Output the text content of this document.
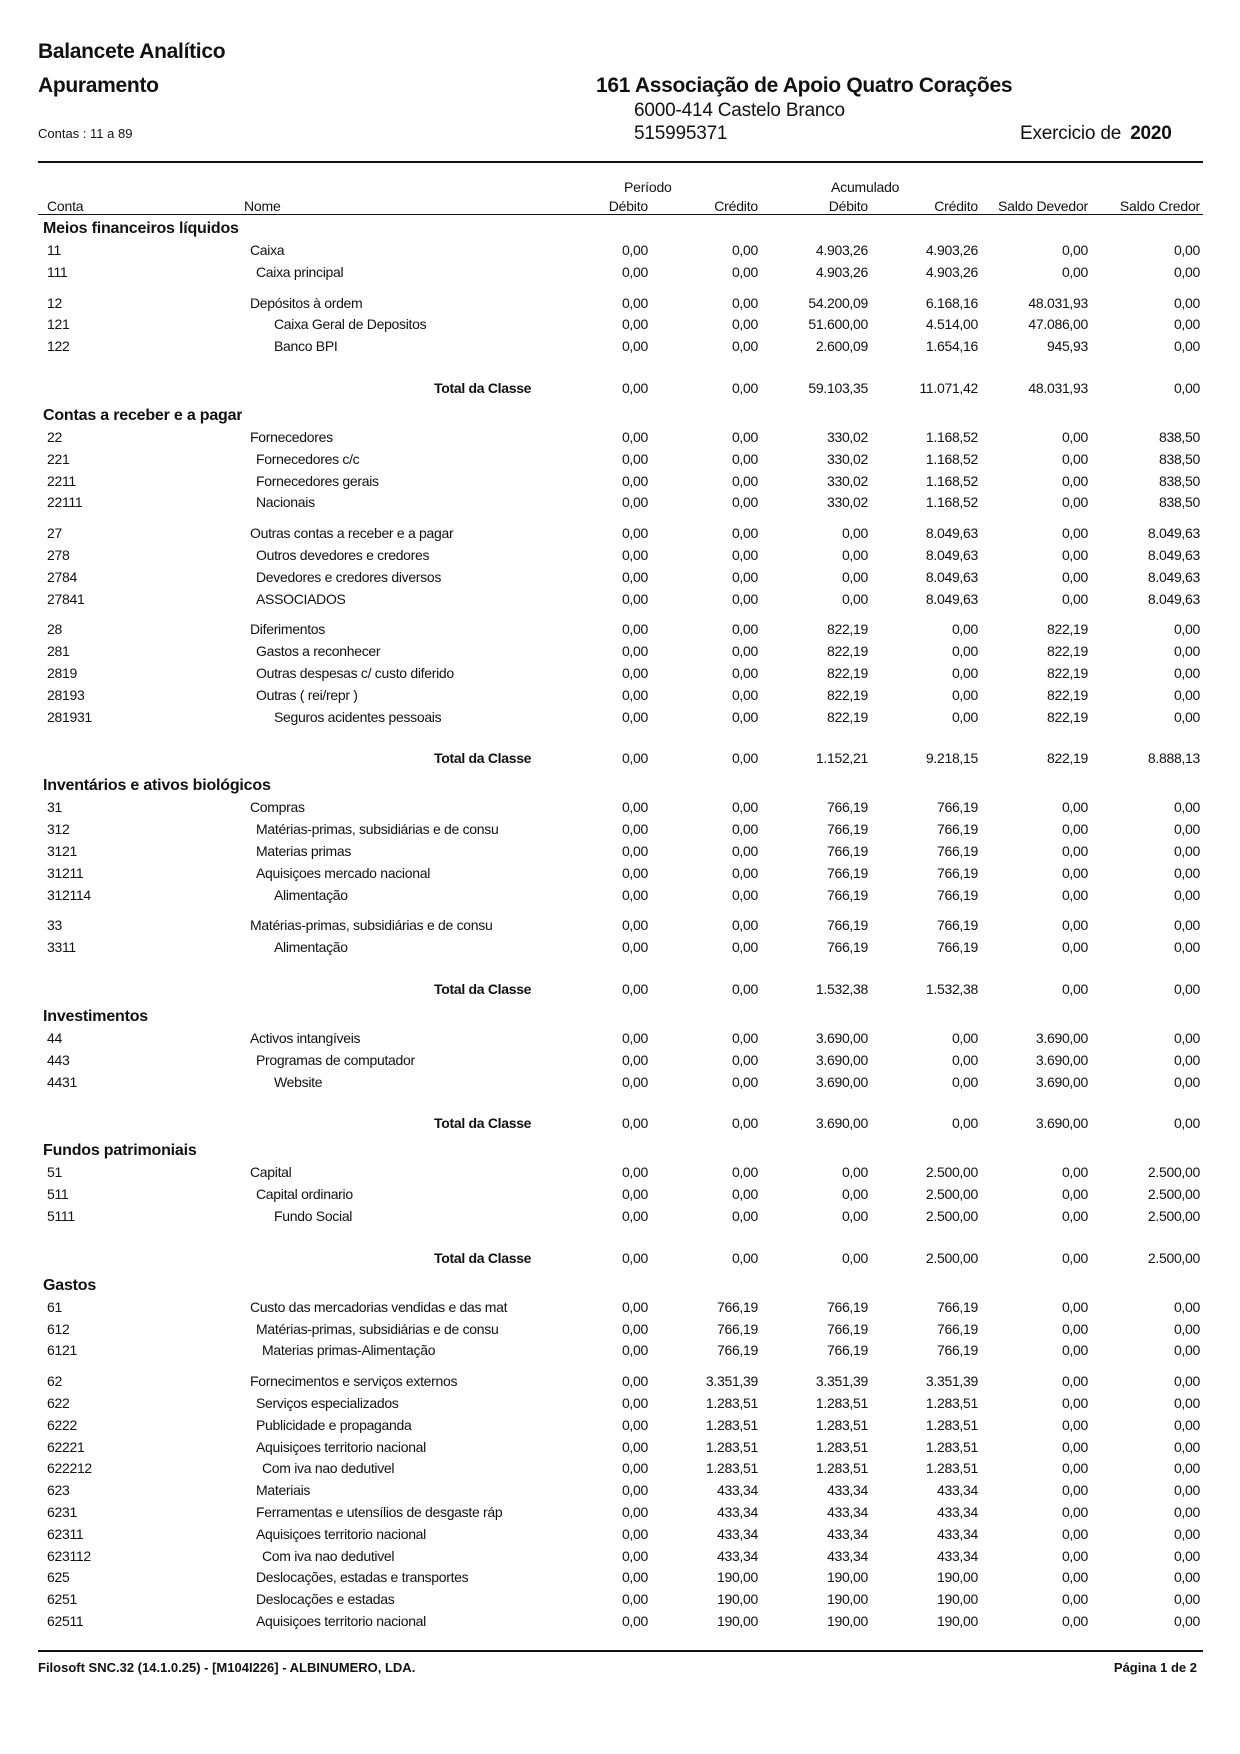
Balancete Analítico
Apuramento
Contas : 11 a 89
161 Associação de Apoio Quatro Corações
6000-414 Castelo Branco
515995371	Exercicio de 2020
Período	Acumulado
Conta	Nome	Débito	Crédito	Débito	Crédito	Saldo Devedor	Saldo Credor
Meios financeiros líquidos
11	Caixa	0,00	0,00	4.903,26	4.903,26	0,00	0,00
111	Caixa principal	0,00	0,00	4.903,26	4.903,26	0,00	0,00
12	Depósitos à ordem	0,00	0,00	54.200,09	6.168,16	48.031,93	0,00
121	Caixa Geral de Depositos	0,00	0,00	51.600,00	4.514,00	47.086,00	0,00
122	Banco BPI	0,00	0,00	2.600,09	1.654,16	945,93	0,00
Total da Classe	0,00	0,00	59.103,35	11.071,42	48.031,93	0,00
Contas a receber e a pagar
22	Fornecedores	0,00	0,00	330,02	1.168,52	0,00	838,50
221	Fornecedores c/c	0,00	0,00	330,02	1.168,52	0,00	838,50
2211	Fornecedores gerais	0,00	0,00	330,02	1.168,52	0,00	838,50
22111	Nacionais	0,00	0,00	330,02	1.168,52	0,00	838,50
27	Outras contas a receber e a pagar	0,00	0,00	0,00	8.049,63	0,00	8.049,63
278	Outros devedores e credores	0,00	0,00	0,00	8.049,63	0,00	8.049,63
2784	Devedores e credores diversos	0,00	0,00	0,00	8.049,63	0,00	8.049,63
27841	ASSOCIADOS	0,00	0,00	0,00	8.049,63	0,00	8.049,63
28	Diferimentos	0,00	0,00	822,19	0,00	822,19	0,00
281	Gastos a reconhecer	0,00	0,00	822,19	0,00	822,19	0,00
2819	Outras despesas c/ custo diferido	0,00	0,00	822,19	0,00	822,19	0,00
28193	Outras ( rei/repr )	0,00	0,00	822,19	0,00	822,19	0,00
281931	Seguros acidentes pessoais	0,00	0,00	822,19	0,00	822,19	0,00
Total da Classe	0,00	0,00	1.152,21	9.218,15	822,19	8.888,13
Inventários e ativos biológicos
31	Compras	0,00	0,00	766,19	766,19	0,00	0,00
312	Matérias-primas, subsidiárias e de consu	0,00	0,00	766,19	766,19	0,00	0,00
3121	Materias primas	0,00	0,00	766,19	766,19	0,00	0,00
31211	Aquisiçoes mercado nacional	0,00	0,00	766,19	766,19	0,00	0,00
312114	Alimentação	0,00	0,00	766,19	766,19	0,00	0,00
33	Matérias-primas, subsidiárias e de consu	0,00	0,00	766,19	766,19	0,00	0,00
3311	Alimentação	0,00	0,00	766,19	766,19	0,00	0,00
Total da Classe	0,00	0,00	1.532,38	1.532,38	0,00	0,00
Investimentos
44	Activos intangíveis	0,00	0,00	3.690,00	0,00	3.690,00	0,00
443	Programas de computador	0,00	0,00	3.690,00	0,00	3.690,00	0,00
4431	Website	0,00	0,00	3.690,00	0,00	3.690,00	0,00
Total da Classe	0,00	0,00	3.690,00	0,00	3.690,00	0,00
Fundos patrimoniais
51	Capital	0,00	0,00	0,00	2.500,00	0,00	2.500,00
511	Capital ordinario	0,00	0,00	0,00	2.500,00	0,00	2.500,00
5111	Fundo Social	0,00	0,00	0,00	2.500,00	0,00	2.500,00
Total da Classe	0,00	0,00	0,00	2.500,00	0,00	2.500,00
Gastos
61	Custo das mercadorias vendidas e das mat	0,00	766,19	766,19	766,19	0,00	0,00
612	Matérias-primas, subsidiárias e de consu	0,00	766,19	766,19	766,19	0,00	0,00
6121	Materias primas-Alimentação	0,00	766,19	766,19	766,19	0,00	0,00
62	Fornecimentos e serviços externos	0,00	3.351,39	3.351,39	3.351,39	0,00	0,00
622	Serviços especializados	0,00	1.283,51	1.283,51	1.283,51	0,00	0,00
6222	Publicidade e propaganda	0,00	1.283,51	1.283,51	1.283,51	0,00	0,00
62221	Aquisiçoes territorio nacional	0,00	1.283,51	1.283,51	1.283,51	0,00	0,00
622212	Com iva nao dedutivel	0,00	1.283,51	1.283,51	1.283,51	0,00	0,00
623	Materiais	0,00	433,34	433,34	433,34	0,00	0,00
6231	Ferramentas e utensílios de desgaste ráp	0,00	433,34	433,34	433,34	0,00	0,00
62311	Aquisiçoes territorio nacional	0,00	433,34	433,34	433,34	0,00	0,00
623112	Com iva nao dedutivel	0,00	433,34	433,34	433,34	0,00	0,00
625	Deslocações, estadas e transportes	0,00	190,00	190,00	190,00	0,00	0,00
6251	Deslocações e estadas	0,00	190,00	190,00	190,00	0,00	0,00
62511	Aquisiçoes territorio nacional	0,00	190,00	190,00	190,00	0,00	0,00
Filosoft SNC.32 (14.1.0.25) - [M104I226] - ALBINUMERO, LDA.	Página 1 de 2
